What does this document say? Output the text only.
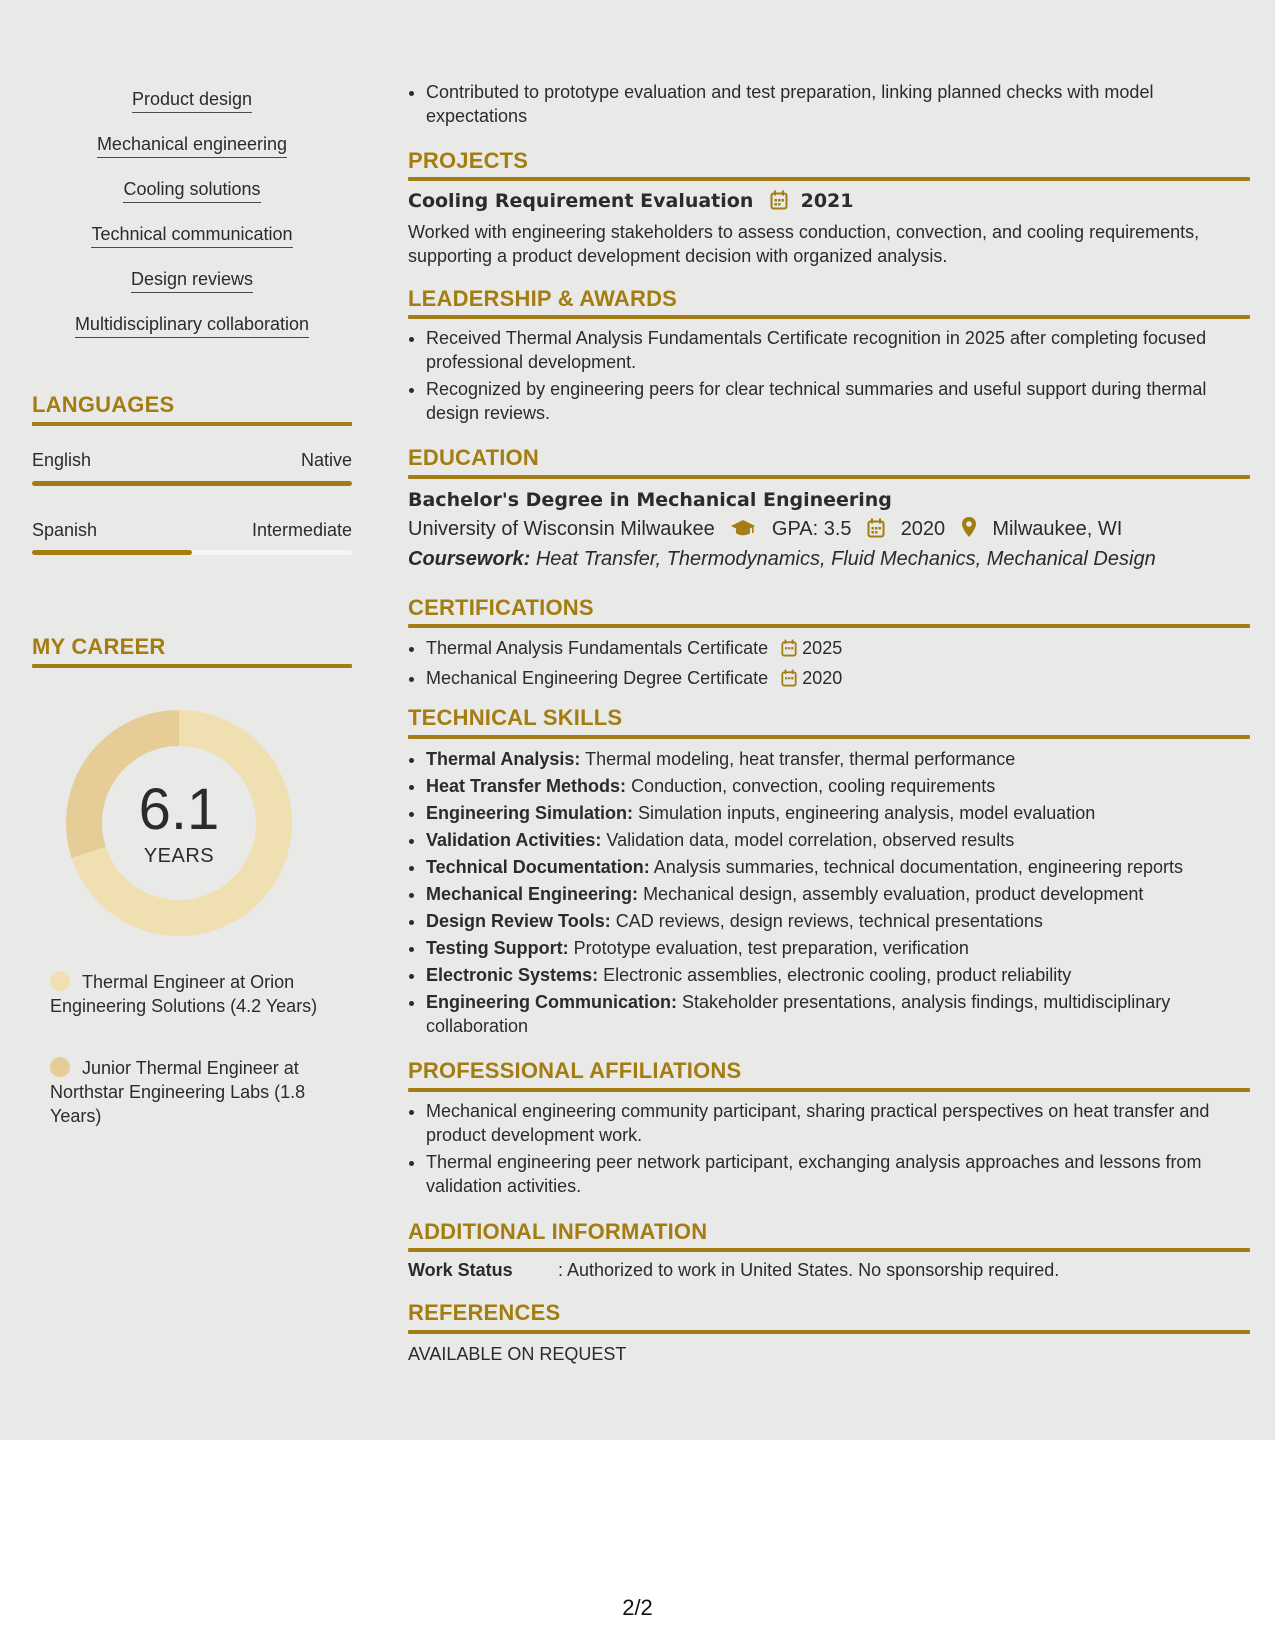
Product design
Mechanical engineering
Cooling solutions
Technical communication
Design reviews
Multidisciplinary collaboration
LANGUAGES
English	Native
Spanish	Intermediate
MY CAREER
6.1
YEARS
Thermal Engineer at Orion Engineering Solutions (4.2 Years)
Junior Thermal Engineer at Northstar Engineering Labs (1.8 Years)
• Contributed to prototype evaluation and test preparation, linking planned checks with model expectations
PROJECTS
Cooling Requirement Evaluation 2021
Worked with engineering stakeholders to assess conduction, convection, and cooling requirements, supporting a product development decision with organized analysis.
LEADERSHIP & AWARDS
• Received Thermal Analysis Fundamentals Certificate recognition in 2025 after completing focused professional development.
• Recognized by engineering peers for clear technical summaries and useful support during thermal design reviews.
EDUCATION
Bachelor's Degree in Mechanical Engineering
University of Wisconsin Milwaukee	GPA: 3.5 2020 Milwaukee, WI
Coursework: Heat Transfer, Thermodynamics, Fluid Mechanics, Mechanical Design
CERTIFICATIONS
• Thermal Analysis Fundamentals Certificate 2025
• Mechanical Engineering Degree Certificate 2020
TECHNICAL SKILLS
• Thermal Analysis: Thermal modeling, heat transfer, thermal performance
• Heat Transfer Methods: Conduction, convection, cooling requirements
• Engineering Simulation: Simulation inputs, engineering analysis, model evaluation
• Validation Activities: Validation data, model correlation, observed results
• Technical Documentation: Analysis summaries, technical documentation, engineering reports
• Mechanical Engineering: Mechanical design, assembly evaluation, product development
• Design Review Tools: CAD reviews, design reviews, technical presentations
• Testing Support: Prototype evaluation, test preparation, verification
• Electronic Systems: Electronic assemblies, electronic cooling, product reliability
• Engineering Communication: Stakeholder presentations, analysis findings, multidisciplinary collaboration
PROFESSIONAL AFFILIATIONS
• Mechanical engineering community participant, sharing practical perspectives on heat transfer and product development work.
• Thermal engineering peer network participant, exchanging analysis approaches and lessons from validation activities.
ADDITIONAL INFORMATION
Work Status	: Authorized to work in United States. No sponsorship required.
REFERENCES
AVAILABLE ON REQUEST
2/2
